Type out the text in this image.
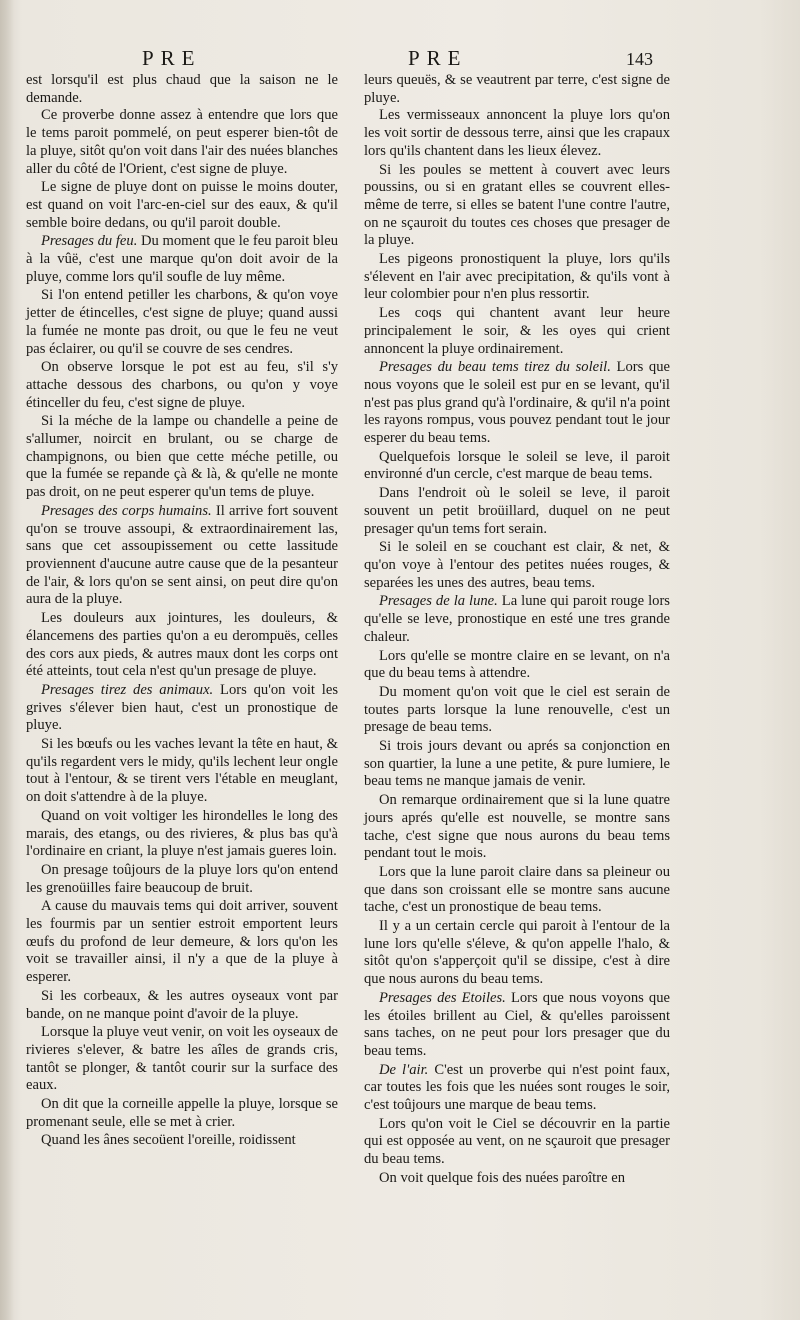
PRE	PRE	143

est lorsqu'il est plus chaud que la saison ne le demande.

Ce proverbe donne assez à entendre que lors que le tems paroit pommelé, on peut esperer bien-tôt de la pluye, sitôt qu'on voit dans l'air des nuées blanches aller du côté de l'Orient, c'est signe de pluye.

Le signe de pluye dont on puisse le moins douter, est quand on voit l'arc-en-ciel sur des eaux, & qu'il semble boire dedans, ou qu'il paroit double.

Presages du feu. Du moment que le feu paroit bleu à la vûë, c'est une marque qu'on doit avoir de la pluye, comme lors qu'il soufle de luy même.

Si l'on entend petiller les charbons, & qu'on voye jetter de étincelles, c'est signe de pluye; quand aussi la fumée ne monte pas droit, ou que le feu ne veut pas éclairer, ou qu'il se couvre de ses cendres.

On observe lorsque le pot est au feu, s'il s'y attache dessous des charbons, ou qu'on y voye étinceller du feu, c'est signe de pluye.

Si la méche de la lampe ou chandelle a peine de s'allumer, noircit en brulant, ou se charge de champignons, ou bien que cette méche petille, ou que la fumée se repande çà & là, & qu'elle ne monte pas droit, on ne peut esperer qu'un tems de pluye.

Presages des corps humains. Il arrive fort souvent qu'on se trouve assoupi, & extraordinairement las, sans que cet assoupissement ou cette lassitude proviennent d'aucune autre cause que de la pesanteur de l'air, & lors qu'on se sent ainsi, on peut dire qu'on aura de la pluye.

Les douleurs aux jointures, les douleurs, & élancemens des parties qu'on a eu derompuës, celles des cors aux pieds, & autres maux dont les corps ont été atteints, tout cela n'est qu'un presage de pluye.

Presages tirez des animaux. Lors qu'on voit les grives s'élever bien haut, c'est un pronostique de pluye.

Si les bœufs ou les vaches levant la tête en haut, & qu'ils regardent vers le midy, qu'ils lechent leur ongle tout à l'entour, & se tirent vers l'étable en meuglant, on doit s'attendre à de la pluye.

Quand on voit voltiger les hirondelles le long des marais, des etangs, ou des rivieres, & plus bas qu'à l'ordinaire en criant, la pluye n'est jamais gueres loin.

On presage toûjours de la pluye lors qu'on entend les grenoüilles faire beaucoup de bruit.

A cause du mauvais tems qui doit arriver, souvent les fourmis par un sentier estroit emportent leurs œufs du profond de leur demeure, & lors qu'on les voit se travailler ainsi, il n'y a que de la pluye à esperer.

Si les corbeaux, & les autres oyseaux vont par bande, on ne manque point d'avoir de la pluye.

Lorsque la pluye veut venir, on voit les oyseaux de rivieres s'elever, & batre les aîles de grands cris, tantôt se plonger, & tantôt courir sur la surface des eaux.

On dit que la corneille appelle la pluye, lorsque se promenant seule, elle se met à crier.

Quand les ânes secoüent l'oreille, roidissent

leurs queuës, & se veautrent par terre, c'est signe de pluye.

Les vermisseaux annoncent la pluye lors qu'on les voit sortir de dessous terre, ainsi que les crapaux lors qu'ils chantent dans les lieux élevez.

Si les poules se mettent à couvert avec leurs poussins, ou si en gratant elles se couvrent elles-même de terre, si elles se batent l'une contre l'autre, on ne sçauroit du toutes ces choses que presager de la pluye.

Les pigeons pronostiquent la pluye, lors qu'ils s'élevent en l'air avec precipitation, & qu'ils vont à leur colombier pour n'en plus ressortir.

Les coqs qui chantent avant leur heure principalement le soir, & les oyes qui crient annoncent la pluye ordinairement.

Presages du beau tems tirez du soleil. Lors que nous voyons que le soleil est pur en se levant, qu'il n'est pas plus grand qu'à l'ordinaire, & qu'il n'a point les rayons rompus, vous pouvez pendant tout le jour esperer du beau tems.

Quelquefois lorsque le soleil se leve, il paroit environné d'un cercle, c'est marque de beau tems.

Dans l'endroit où le soleil se leve, il paroit souvent un petit broüillard, duquel on ne peut presager qu'un tems fort serain.

Si le soleil en se couchant est clair, & net, & qu'on voye à l'entour des petites nuées rouges, & separées les unes des autres, beau tems.

Presages de la lune. La lune qui paroit rouge lors qu'elle se leve, pronostique en esté une tres grande chaleur.

Lors qu'elle se montre claire en se levant, on n'a que du beau tems à attendre.

Du moment qu'on voit que le ciel est serain de toutes parts lorsque la lune renouvelle, c'est un presage de beau tems.

Si trois jours devant ou aprés sa conjonction en son quartier, la lune a une petite, & pure lumiere, le beau tems ne manque jamais de venir.

On remarque ordinairement que si la lune quatre jours aprés qu'elle est nouvelle, se montre sans tache, c'est signe que nous aurons du beau tems pendant tout le mois.

Lors que la lune paroit claire dans sa pleineur ou que dans son croissant elle se montre sans aucune tache, c'est un pronostique de beau tems.

Il y a un certain cercle qui paroit à l'entour de la lune lors qu'elle s'éleve, & qu'on appelle l'halo, & sitôt qu'on s'apperçoit qu'il se dissipe, c'est à dire que nous aurons du beau tems.

Presages des Etoiles. Lors que nous voyons que les étoiles brillent au Ciel, & qu'elles paroissent sans taches, on ne peut pour lors presager que du beau tems.

De l'air. C'est un proverbe qui n'est point faux, car toutes les fois que les nuées sont rouges le soir, c'est toûjours une marque de beau tems.

Lors qu'on voit le Ciel se découvrir en la partie qui est opposée au vent, on ne sçauroit que presager du beau tems.

On voit quelque fois des nuées paroître en
